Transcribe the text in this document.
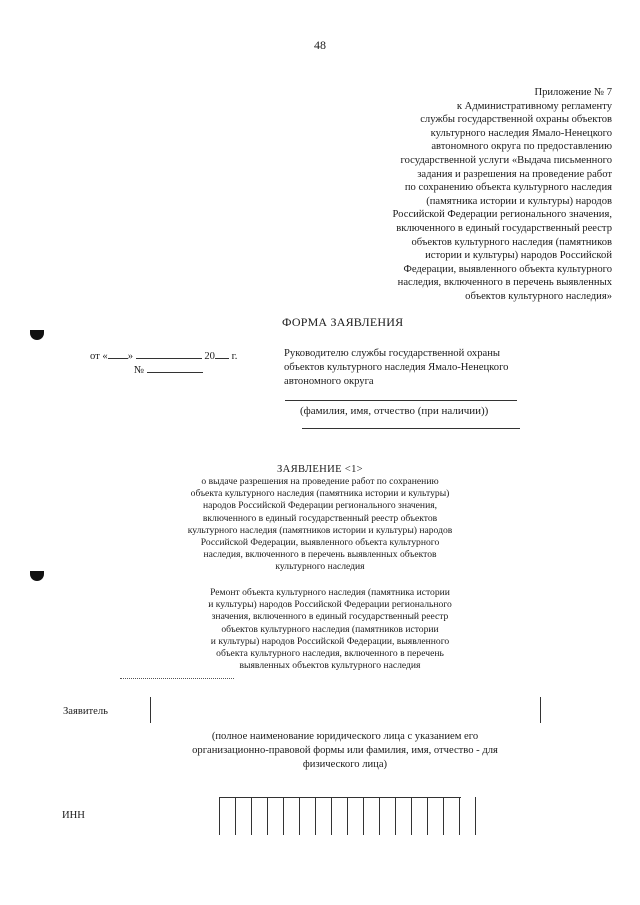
48
Приложение № 7
к Административному регламенту
службы государственной охраны объектов
культурного наследия Ямало-Ненецкого
автономного округа по предоставлению
государственной услуги «Выдача письменного
задания и разрешения на проведение работ
по сохранению объекта культурного наследия
(памятника истории и культуры) народов
Российской Федерации регионального значения,
включенного в единый государственный реестр
объектов культурного наследия (памятников
истории и культуры) народов Российской
Федерации, выявленного объекта культурного
наследия, включенного в перечень выявленных
объектов культурного наследия»
ФОРМА ЗАЯВЛЕНИЯ
от « »	20 г.
№
Руководителю службы государственной охраны
объектов культурного наследия Ямало-Ненецкого
автономного округа
(фамилия, имя, отчество (при наличии))
ЗАЯВЛЕНИЕ <1>
о выдаче разрешения на проведение работ по сохранению
объекта культурного наследия (памятника истории и культуры)
народов Российской Федерации регионального значения,
включенного в единый государственный реестр объектов
культурного наследия (памятников истории и культуры) народов
Российской Федерации, выявленного объекта культурного
наследия, включенного в перечень выявленных объектов
культурного наследия
Ремонт объекта культурного наследия (памятника истории
и культуры) народов Российской Федерации регионального
значения, включенного в единый государственный реестр
объектов культурного наследия (памятников истории
и культуры) народов Российской Федерации, выявленного
объекта культурного наследия, включенного в перечень
выявленных объектов культурного наследия
Заявитель
(полное наименование юридического лица с указанием его
организационно-правовой формы или фамилия, имя, отчество - для
физического лица)
ИНН
